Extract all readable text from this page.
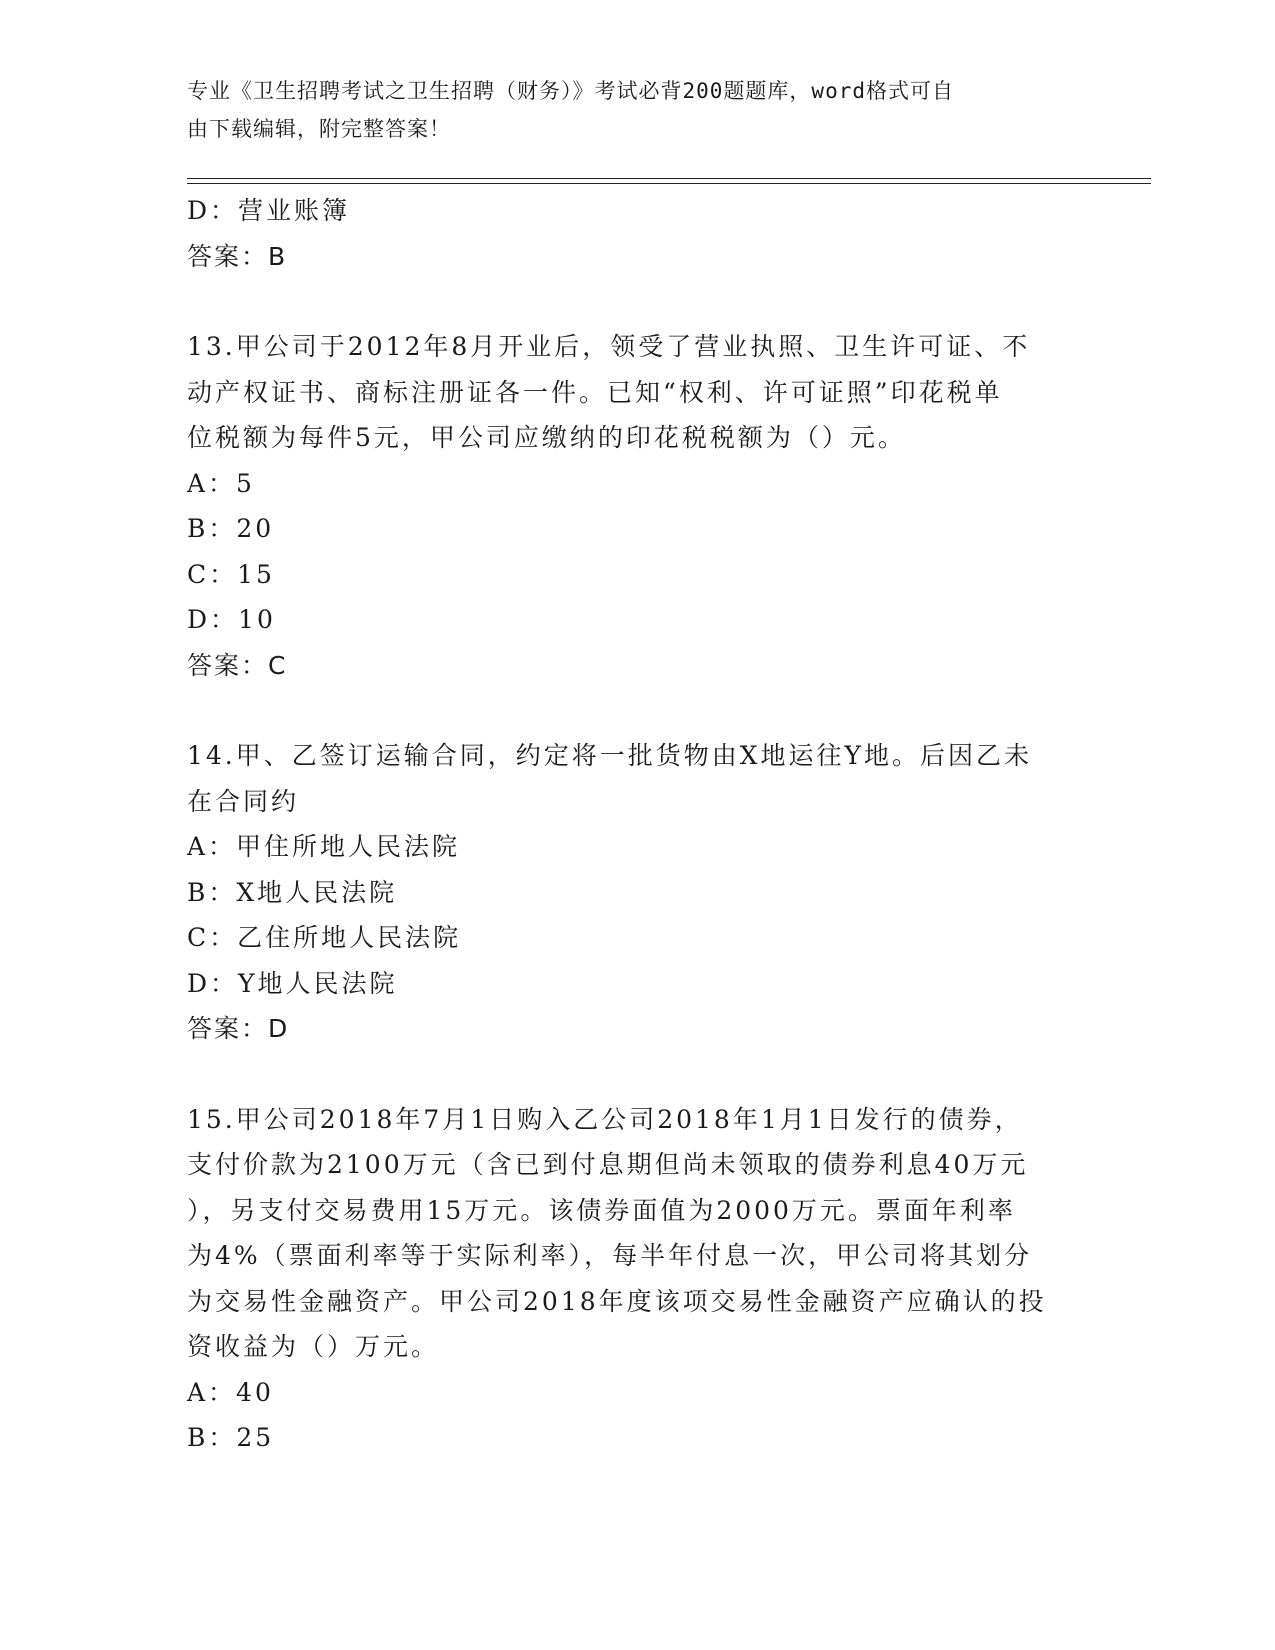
专业《卫生招聘考试之卫生招聘（财务）》考试必背200题题库，word格式可自
由下载编辑，附完整答案！
D：营业账簿
答案：B
13.甲公司于2012年8月开业后，领受了营业执照、卫生许可证、不
动产权证书、商标注册证各一件。已知“权利、许可证照”印花税单
位税额为每件5元，甲公司应缴纳的印花税税额为（）元。
A：5
B：20
C：15
D：10
答案：C
14.甲、乙签订运输合同，约定将一批货物由X地运往Y地。后因乙未
在合同约
A：甲住所地人民法院
B：X地人民法院
C：乙住所地人民法院
D：Y地人民法院
答案：D
15.甲公司2018年7月1日购入乙公司2018年1月1日发行的债券，
支付价款为2100万元（含已到付息期但尚未领取的债券利息40万元
），另支付交易费用15万元。该债券面值为2000万元。票面年利率
为4%（票面利率等于实际利率），每半年付息一次，甲公司将其划分
为交易性金融资产。甲公司2018年度该项交易性金融资产应确认的投
资收益为（）万元。
A：40
B：25
